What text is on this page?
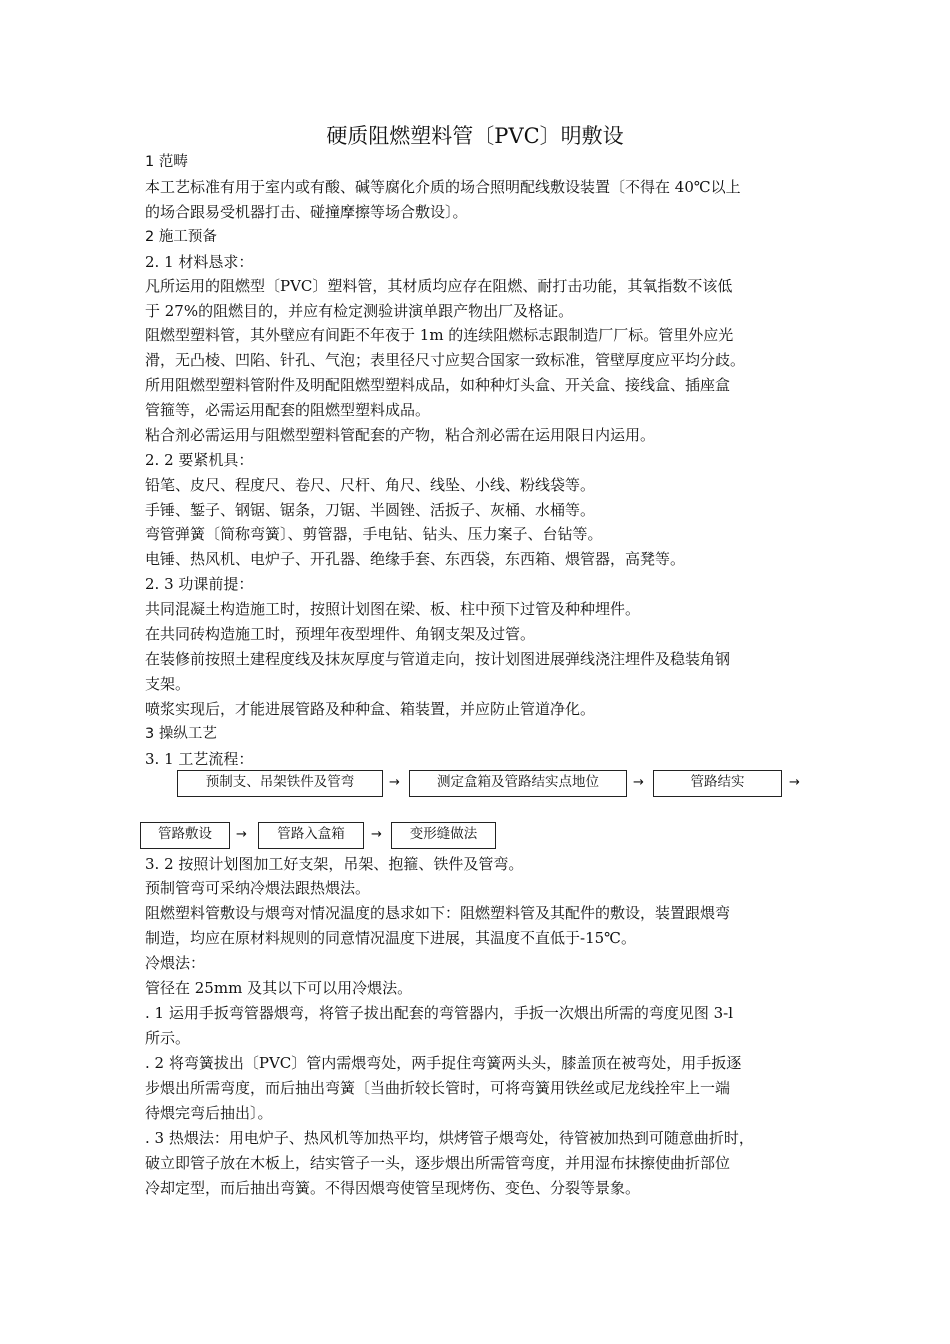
硬质阻燃塑料管〔PVC〕明敷设
1 范畴
本工艺标准有用于室内或有酸、碱等腐化介质的场合照明配线敷设装置〔不得在 40℃以上
的场合跟易受机器打击、碰撞摩擦等场合敷设〕。
2 施工预备
2. 1 材料恳求：
凡所运用的阻燃型〔PVC〕塑料管，其材质均应存在阻燃、耐打击功能，其氧指数不该低
于 27%的阻燃目的，并应有检定测验讲演单跟产物出厂及格证。
阻燃型塑料管，其外壁应有间距不年夜于 1m 的连续阻燃标志跟制造厂厂标。管里外应光
滑，无凸棱、凹陷、针孔、气泡；表里径尺寸应契合国家一致标准，管壁厚度应平均分歧。
所用阻燃型塑料管附件及明配阻燃型塑料成品，如种种灯头盒、开关盒、接线盒、插座盒
管箍等，必需运用配套的阻燃型塑料成品。
粘合剂必需运用与阻燃型塑料管配套的产物，粘合剂必需在运用限日内运用。
2. 2 要紧机具：
铅笔、皮尺、程度尺、卷尺、尺杆、角尺、线坠、小线、粉线袋等。
手锤、錾子、钢锯、锯条，刀锯、半圆锉、活扳子、灰桶、水桶等。
弯管弹簧〔简称弯簧〕、剪管器，手电钻、钻头、压力案子、台钻等。
电锤、热风机、电炉子、开孔器、绝缘手套、东西袋，东西箱、煨管器，高凳等。
2. 3 功课前提：
共同混凝土构造施工时，按照计划图在梁、板、柱中预下过管及种种埋件。
在共同砖构造施工时，预埋年夜型埋件、角钢支架及过管。
在装修前按照土建程度线及抹灰厚度与管道走向，按计划图进展弹线浇注埋件及稳装角钢
支架。
喷浆实现后，才能进展管路及种种盒、箱装置，并应防止管道净化。
3 操纵工艺
3. 1 工艺流程：
预制支、吊架铁件及管弯	→	测定盒箱及管路结实点地位	→	管路结实	→
管路敷设	→	管路入盒箱	→	变形缝做法
3. 2 按照计划图加工好支架，吊架、抱箍、铁件及管弯。
预制管弯可采纳冷煨法跟热煨法。
阻燃塑料管敷设与煨弯对情况温度的恳求如下：阻燃塑料管及其配件的敷设，装置跟煨弯
制造，均应在原材料规则的同意情况温度下进展，其温度不直低于-15℃。
冷煨法：
管径在 25mm 及其以下可以用冷煨法。
. 1 运用手扳弯管器煨弯，将管子拔出配套的弯管器内，手扳一次煨出所需的弯度见图 3-l
所示。
. 2 将弯簧拔出〔PVC〕管内需煨弯处，两手捉住弯簧两头头，膝盖顶在被弯处，用手扳逐
步煨出所需弯度，而后抽出弯簧〔当曲折较长管时，可将弯簧用铁丝或尼龙线拴牢上一端
待煨完弯后抽出〕。
. 3 热煨法：用电炉子、热风机等加热平均，烘烤管子煨弯处，待管被加热到可随意曲折时，
破立即管子放在木板上，结实管子一头，逐步煨出所需管弯度，并用湿布抹擦使曲折部位
冷却定型，而后抽出弯簧。不得因煨弯使管呈现烤伤、变色、分裂等景象。
